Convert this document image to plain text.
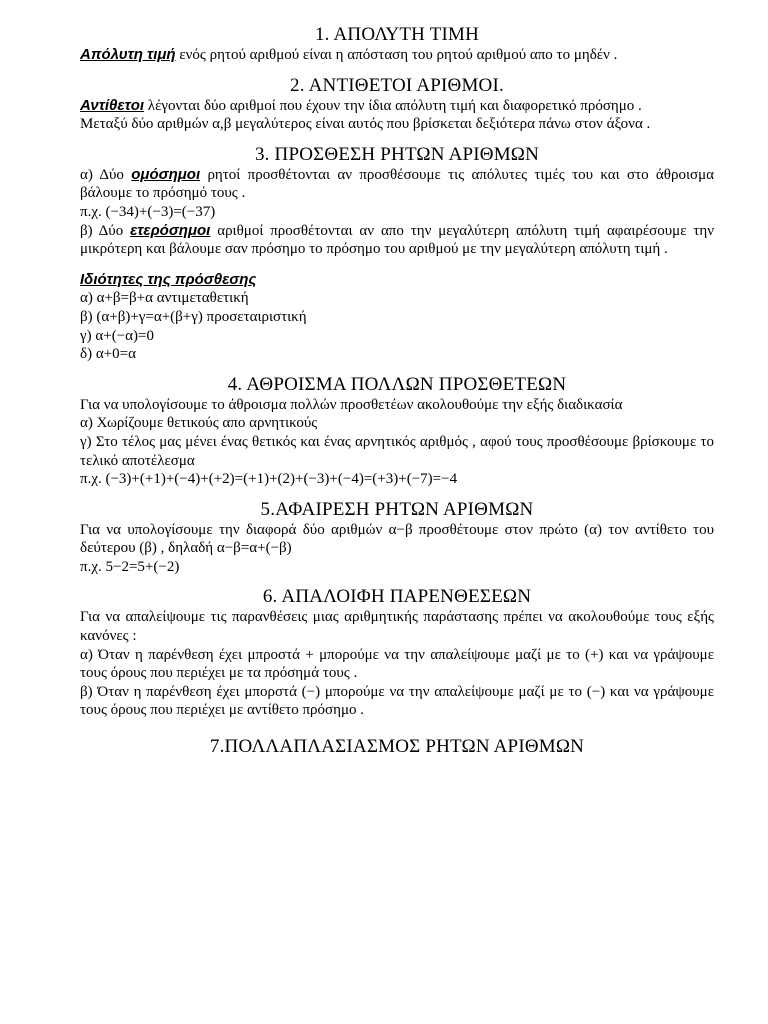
1. ΑΠΟΛΥΤΗ ΤΙΜΗ

Απόλυτη τιμή ενός ρητού αριθμού είναι η απόσταση του ρητού αριθμού απο το μηδέν .

2. ΑΝΤΙΘΕΤΟΙ ΑΡΙΘΜΟΙ.

Αντίθετοι λέγονται δύο αριθμοί που έχουν την ίδια απόλυτη τιμή και διαφορετικό πρόσημο .

Μεταξύ δύο αριθμών α,β μεγαλύτερος είναι αυτός που βρίσκεται δεξιότερα πάνω στον άξονα .

3. ΠΡΟΣΘΕΣΗ ΡΗΤΩΝ ΑΡΙΘΜΩΝ

α) Δύο ομόσημοι ρητοί προσθέτονται αν προσθέσουμε τις απόλυτες τιμές του και στο άθροισμα βάλουμε το πρόσημό τους .

π.χ. (−34)+(−3)=(−37)

β) Δύο ετερόσημοι αριθμοί προσθέτονται αν απο την μεγαλύτερη απόλυτη τιμή αφαιρέσουμε την μικρότερη και βάλουμε σαν πρόσημο το πρόσημο του αριθμού με την μεγαλύτερη απόλυτη τιμή .

Ιδιότητες της πρόσθεσης

α) α+β=β+α αντιμεταθετική

β) (α+β)+γ=α+(β+γ) προσεταιριστική

γ) α+(−α)=0

δ) α+0=α

4. ΑΘΡΟΙΣΜΑ ΠΟΛΛΩΝ ΠΡΟΣΘΕΤΕΩΝ

Για να υπολογίσουμε το άθροισμα πολλών προσθετέων ακολουθούμε την εξής διαδικασία

α) Χωρίζουμε θετικούς απο αρνητικούς

γ) Στο τέλος μας μένει ένας θετικός και ένας αρνητικός αριθμός , αφού τους προσθέσουμε βρίσκουμε το τελικό αποτέλεσμα

π.χ. (−3)+(+1)+(−4)+(+2)=(+1)+(2)+(−3)+(−4)=(+3)+(−7)=−4

5.ΑΦΑΙΡΕΣΗ ΡΗΤΩΝ ΑΡΙΘΜΩΝ

Για να υπολογίσουμε την διαφορά δύο αριθμών α−β προσθέτουμε στον πρώτο (α) τον αντίθετο του δεύτερου (β) , δηλαδή α−β=α+(−β)

π.χ. 5−2=5+(−2)

6. ΑΠΑΛΟΙΦΗ ΠΑΡΕΝΘΕΣΕΩΝ

Για να απαλείψουμε τις παρανθέσεις μιας αριθμητικής παράστασης πρέπει να ακολουθούμε τους εξής κανόνες :

α) Όταν η παρένθεση έχει μπροστά + μπορούμε να την απαλείψουμε μαζί με το (+) και να γράψουμε τους όρους που περιέχει με τα πρόσημά τους .

β) Όταν η παρένθεση έχει μπορστά (−) μπορούμε να την απαλείψουμε μαζί με το (−) και να γράψουμε τους όρους που περιέχει με αντίθετο πρόσημο .

7.ΠΟΛΛΑΠΛΑΣΙΑΣΜΟΣ ΡΗΤΩΝ ΑΡΙΘΜΩΝ
